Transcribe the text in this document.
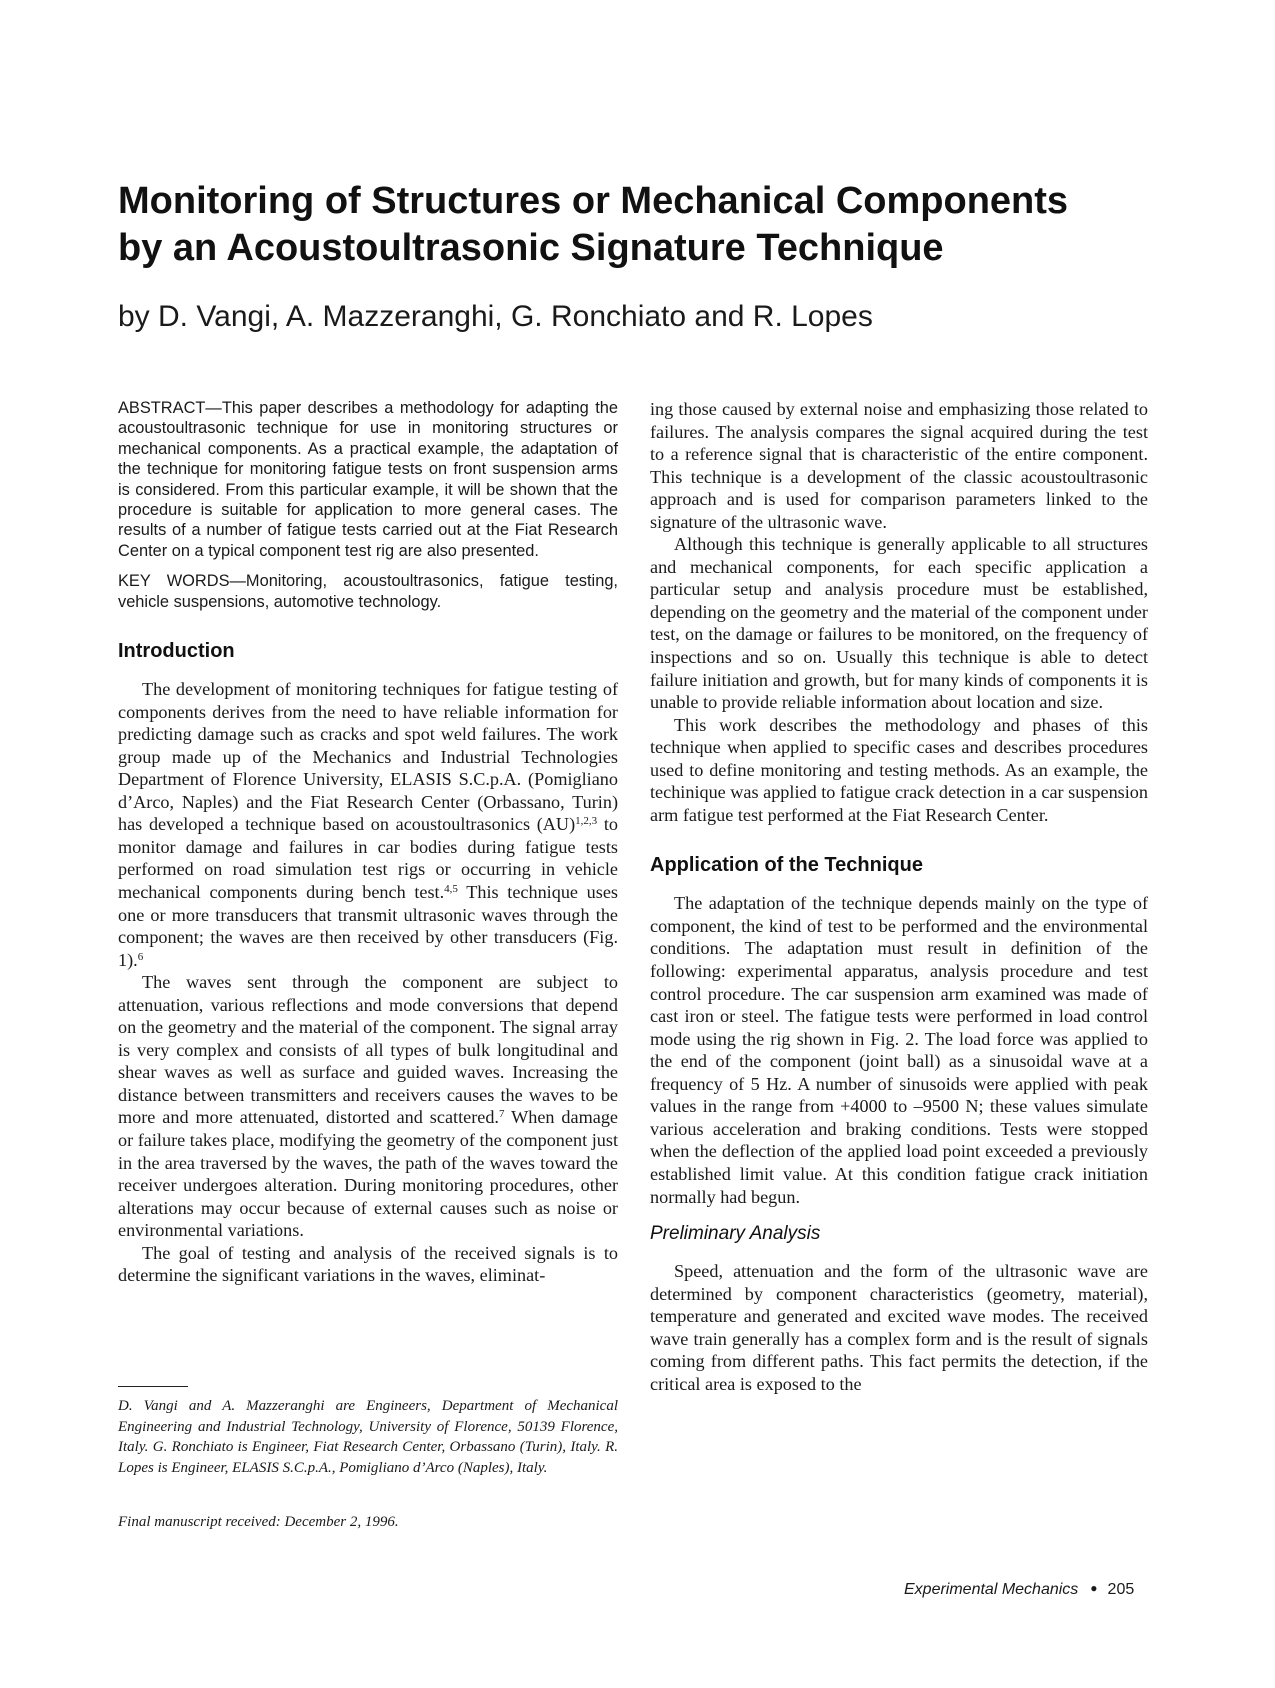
Monitoring of Structures or Mechanical Components
by an Acoustoultrasonic Signature Technique
by D. Vangi, A. Mazzeranghi, G. Ronchiato and R. Lopes

ABSTRACT—This paper describes a methodology for adapting the acoustoultrasonic technique for use in monitoring structures or mechanical components. As a practical example, the adaptation of the technique for monitoring fatigue tests on front suspension arms is considered. From this particular example, it will be shown that the procedure is suitable for application to more general cases. The results of a number of fatigue tests carried out at the Fiat Research Center on a typical component test rig are also presented.

KEY WORDS—Monitoring, acoustoultrasonics, fatigue testing, vehicle suspensions, automotive technology.

Introduction

The development of monitoring techniques for fatigue testing of components derives from the need to have reliable information for predicting damage such as cracks and spot weld failures. The work group made up of the Mechanics and Industrial Technologies Department of Florence University, ELASIS S.C.p.A. (Pomigliano d’Arco, Naples) and the Fiat Research Center (Orbassano, Turin) has developed a technique based on acoustoultrasonics (AU)$^{1,2,3}$ to monitor damage and failures in car bodies during fatigue tests performed on road simulation test rigs or occurring in vehicle mechanical components during bench test.$^{4,5}$ This technique uses one or more transducers that transmit ultrasonic waves through the component; the waves are then received by other transducers (Fig. 1).$^6$

The waves sent through the component are subject to attenuation, various reflections and mode conversions that depend on the geometry and the material of the component. The signal array is very complex and consists of all types of bulk longitudinal and shear waves as well as surface and guided waves. Increasing the distance between transmitters and receivers causes the waves to be more and more attenuated, distorted and scattered.$^7$ When damage or failure takes place, modifying the geometry of the component just in the area traversed by the waves, the path of the waves toward the receiver undergoes alteration. During monitoring procedures, other alterations may occur because of external causes such as noise or environmental variations.

The goal of testing and analysis of the received signals is to determine the significant variations in the waves, eliminat-

ing those caused by external noise and emphasizing those related to failures. The analysis compares the signal acquired during the test to a reference signal that is characteristic of the entire component. This technique is a development of the classic acoustoultrasonic approach and is used for comparison parameters linked to the signature of the ultrasonic wave.

Although this technique is generally applicable to all structures and mechanical components, for each specific application a particular setup and analysis procedure must be established, depending on the geometry and the material of the component under test, on the damage or failures to be monitored, on the frequency of inspections and so on. Usually this technique is able to detect failure initiation and growth, but for many kinds of components it is unable to provide reliable information about location and size.

This work describes the methodology and phases of this technique when applied to specific cases and describes procedures used to define monitoring and testing methods. As an example, the techinique was applied to fatigue crack detection in a car suspension arm fatigue test performed at the Fiat Research Center.

Application of the Technique

The adaptation of the technique depends mainly on the type of component, the kind of test to be performed and the environmental conditions. The adaptation must result in definition of the following: experimental apparatus, analysis procedure and test control procedure. The car suspension arm examined was made of cast iron or steel. The fatigue tests were performed in load control mode using the rig shown in Fig. 2. The load force was applied to the end of the component (joint ball) as a sinusoidal wave at a frequency of 5 Hz. A number of sinusoids were applied with peak values in the range from +4000 to –9500 N; these values simulate various acceleration and braking conditions. Tests were stopped when the deflection of the applied load point exceeded a previously established limit value. At this condition fatigue crack initiation normally had begun.

Preliminary Analysis

Speed, attenuation and the form of the ultrasonic wave are determined by component characteristics (geometry, material), temperature and generated and excited wave modes. The received wave train generally has a complex form and is the result of signals coming from different paths. This fact permits the detection, if the critical area is exposed to the

D. Vangi and A. Mazzeranghi are Engineers, Department of Mechanical Engineering and Industrial Technology, University of Florence, 50139 Florence, Italy. G. Ronchiato is Engineer, Fiat Research Center, Orbassano (Turin), Italy. R. Lopes is Engineer, ELASIS S.C.p.A., Pomigliano d’Arco (Naples), Italy.

Final manuscript received: December 2, 1996.

Experimental Mechanics ● 205
